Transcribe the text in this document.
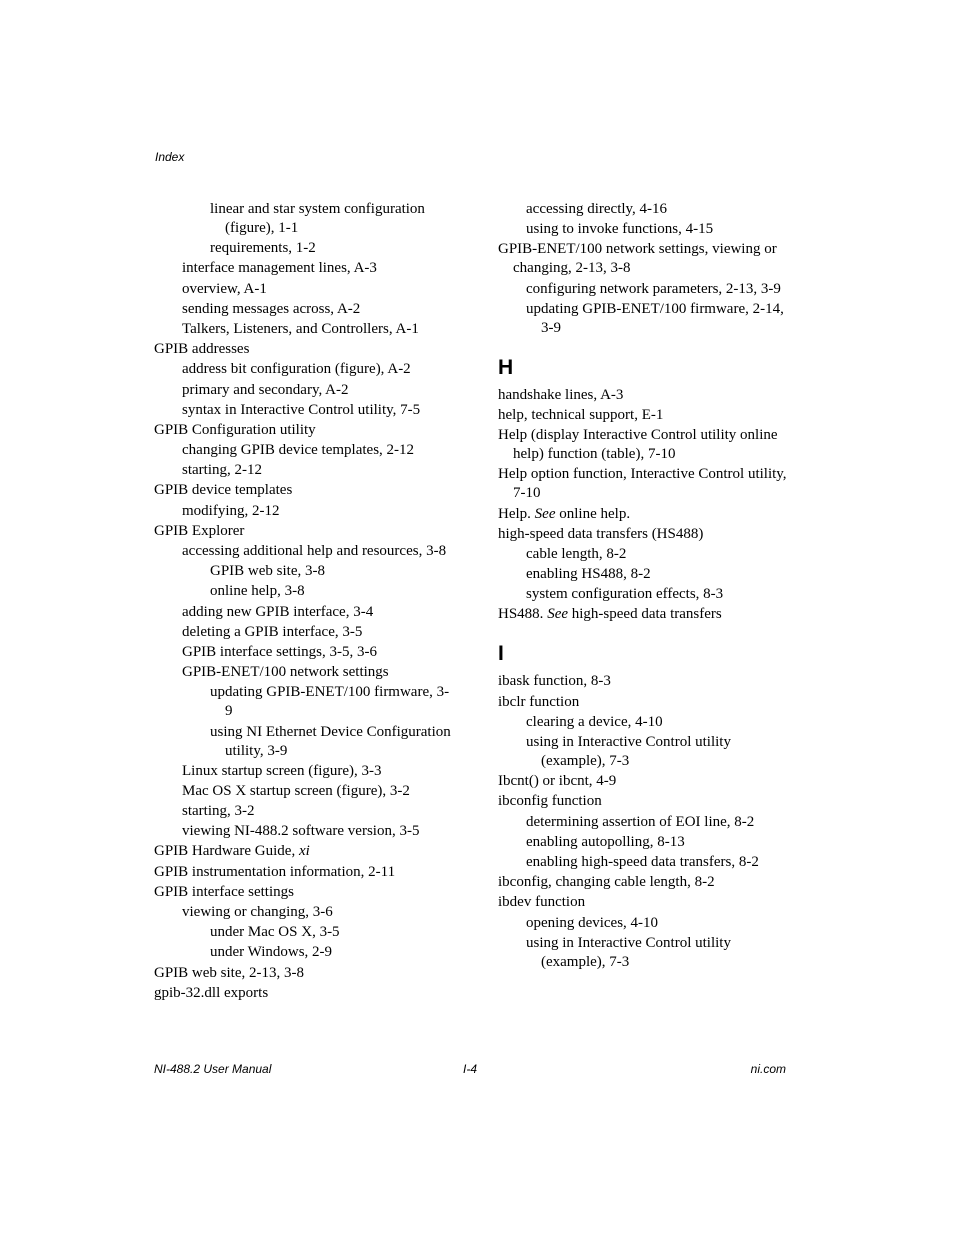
Index
linear and star system configuration (figure), 1-1
requirements, 1-2
interface management lines, A-3
overview, A-1
sending messages across, A-2
Talkers, Listeners, and Controllers, A-1
GPIB addresses
address bit configuration (figure), A-2
primary and secondary, A-2
syntax in Interactive Control utility, 7-5
GPIB Configuration utility
changing GPIB device templates, 2-12
starting, 2-12
GPIB device templates
modifying, 2-12
GPIB Explorer
accessing additional help and resources, 3-8
GPIB web site, 3-8
online help, 3-8
adding new GPIB interface, 3-4
deleting a GPIB interface, 3-5
GPIB interface settings, 3-5, 3-6
GPIB-ENET/100 network settings
updating GPIB-ENET/100 firmware, 3-9
using NI Ethernet Device Configuration utility, 3-9
Linux startup screen (figure), 3-3
Mac OS X startup screen (figure), 3-2
starting, 3-2
viewing NI-488.2 software version, 3-5
GPIB Hardware Guide, xi
GPIB instrumentation information, 2-11
GPIB interface settings
viewing or changing, 3-6
under Mac OS X, 3-5
under Windows, 2-9
GPIB web site, 2-13, 3-8
gpib-32.dll exports
accessing directly, 4-16
using to invoke functions, 4-15
GPIB-ENET/100 network settings, viewing or changing, 2-13, 3-8
configuring network parameters, 2-13, 3-9
updating GPIB-ENET/100 firmware, 2-14, 3-9
H
handshake lines, A-3
help, technical support, E-1
Help (display Interactive Control utility online help) function (table), 7-10
Help option function, Interactive Control utility, 7-10
Help. See online help.
high-speed data transfers (HS488)
cable length, 8-2
enabling HS488, 8-2
system configuration effects, 8-3
HS488. See high-speed data transfers
I
ibask function, 8-3
ibclr function
clearing a device, 4-10
using in Interactive Control utility (example), 7-3
Ibcnt() or ibcnt, 4-9
ibconfig function
determining assertion of EOI line, 8-2
enabling autopolling, 8-13
enabling high-speed data transfers, 8-2
ibconfig, changing cable length, 8-2
ibdev function
opening devices, 4-10
using in Interactive Control utility (example), 7-3
NI-488.2 User Manual	I-4	ni.com
